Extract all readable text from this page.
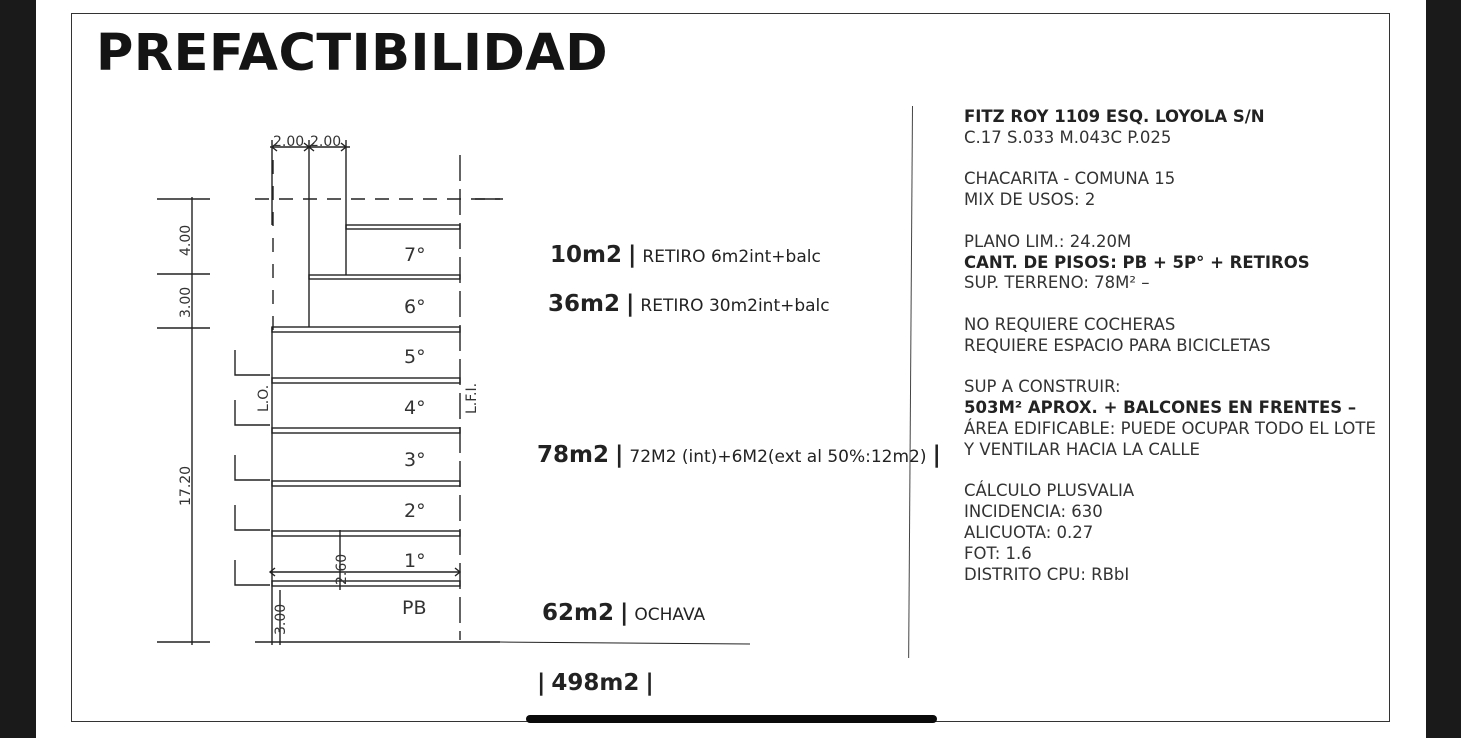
PREFACTIBILIDAD
2.00 2.00
4.00
3.00
17.20
3.00
2.60
L.O.	L.F.I.
7°
6°
5°
4°
3°
2°
1°
PB
10m2 | RETIRO 6m2int+balc
36m2 | RETIRO 30m2int+balc
78m2 | 72M2 (int)+6M2(ext al 50%:12m2) |
62m2 | OCHAVA
| 498m2 |
FITZ ROY 1109 ESQ. LOYOLA S/N
C.17 S.033 M.043C P.025
CHACARITA - COMUNA 15
MIX DE USOS: 2
PLANO LIM.: 24.20M
CANT. DE PISOS: PB + 5P° + RETIROS
SUP. TERRENO: 78M² –
NO REQUIERE COCHERAS
REQUIERE ESPACIO PARA BICICLETAS
SUP A CONSTRUIR:
503M² APROX. + BALCONES EN FRENTES –
ÁREA EDIFICABLE: PUEDE OCUPAR TODO EL LOTE
Y VENTILAR HACIA LA CALLE
CÁLCULO PLUSVALIA
INCIDENCIA: 630
ALICUOTA: 0.27
FOT: 1.6
DISTRITO CPU: RBbI
